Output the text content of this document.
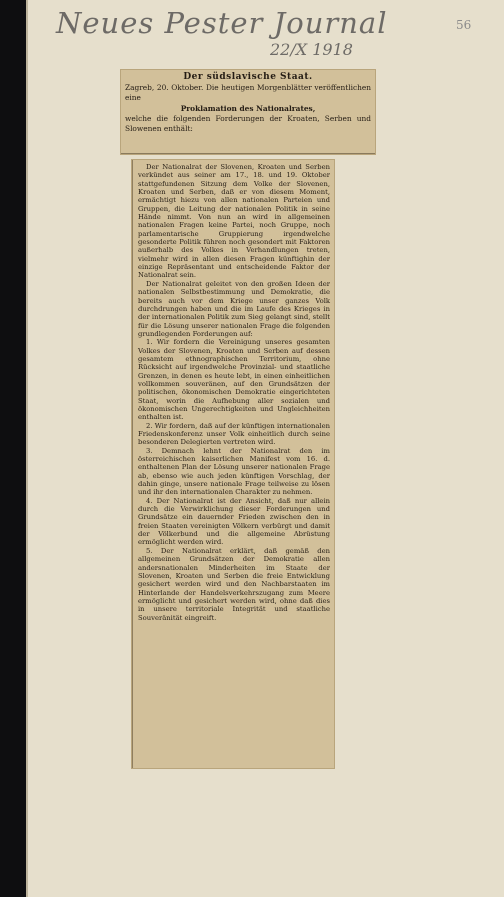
Neues Pester Journal

22/X 1918

56

Der südslavische Staat.

Zagreb, 20. Oktober. Die heutigen Morgenblätter veröffentlichen eine

Proklamation des Nationalrates,

welche die folgenden Forderungen der Kroaten, Serben und Slowenen enthält:

Der Nationalrat der Slovenen, Kroaten und Serben verkündet aus seiner am 17., 18. und 19. Oktober stattgefundenen Sitzung dem Volke der Slovenen, Kroaten und Serben, daß er von diesem Moment, ermächtigt hiezu von allen nationalen Parteien und Gruppen, die Leitung der nationalen Politik in seine Hände nimmt. Von nun an wird in allgemeinen nationalen Fragen keine Partei, noch Gruppe, noch parlamentarische Gruppierung irgendwelche gesonderte Politik führen noch gesondert mit Faktoren außerhalb des Volkes in Verhandlungen treten, vielmehr wird in allen diesen Fragen künftighin der einzige Repräsentant und entscheidende Faktor der Nationalrat sein.

Der Nationalrat geleitet von den großen Ideen der nationalen Selbstbestimmung und Demokratie, die bereits auch vor dem Kriege unser ganzes Volk durchdrungen haben und die im Laufe des Krieges in der internationalen Politik zum Sieg gelangt sind, stellt für die Lösung unserer nationalen Frage die folgenden grundlegenden Forderungen auf:

1. Wir fordern die Vereinigung unseres gesamten Volkes der Slovenen, Kroaten und Serben auf dessen gesamtem ethnographischen Territorium, ohne Rücksicht auf irgendwelche Provinzial- und staatliche Grenzen, in denen es heute lebt, in einen einheitlichen vollkommen souveränen, auf den Grundsätzen der politischen, ökonomischen Demokratie eingerichteten Staat, worin die Aufhebung aller sozialen und ökonomischen Ungerechtigkeiten und Ungleichheiten enthalten ist.

2. Wir fordern, daß auf der künftigen internationalen Friedenskonferenz unser Volk einheitlich durch seine besonderen Delegierten vertreten wird.

3. Demnach lehnt der Nationalrat den im österreichischen kaiserlichen Manifest vom 16. d. enthaltenen Plan der Lösung unserer nationalen Frage ab, ebenso wie auch jeden künftigen Vorschlag, der dahin ginge, unsere nationale Frage teilweise zu lösen und ihr den internationalen Charakter zu nehmen.

4. Der Nationalrat ist der Ansicht, daß nur allein durch die Verwirklichung dieser Forderungen und Grundsätze ein dauernder Frieden zwischen den in freien Staaten vereinigten Völkern verbürgt und damit der Völkerbund und die allgemeine Abrüstung ermöglicht werden wird.

5. Der Nationalrat erklärt, daß gemäß den allgemeinen Grundsätzen der Demokratie allen andersnationalen Minderheiten im Staate der Slovenen, Kroaten und Serben die freie Entwicklung gesichert werden wird und den Nachbarstaaten im Hinterlande der Handelsverkehrszugang zum Meere ermöglicht und gesichert werden wird, ohne daß dies in unsere territoriale Integrität und staatliche Souveränität eingreift.
